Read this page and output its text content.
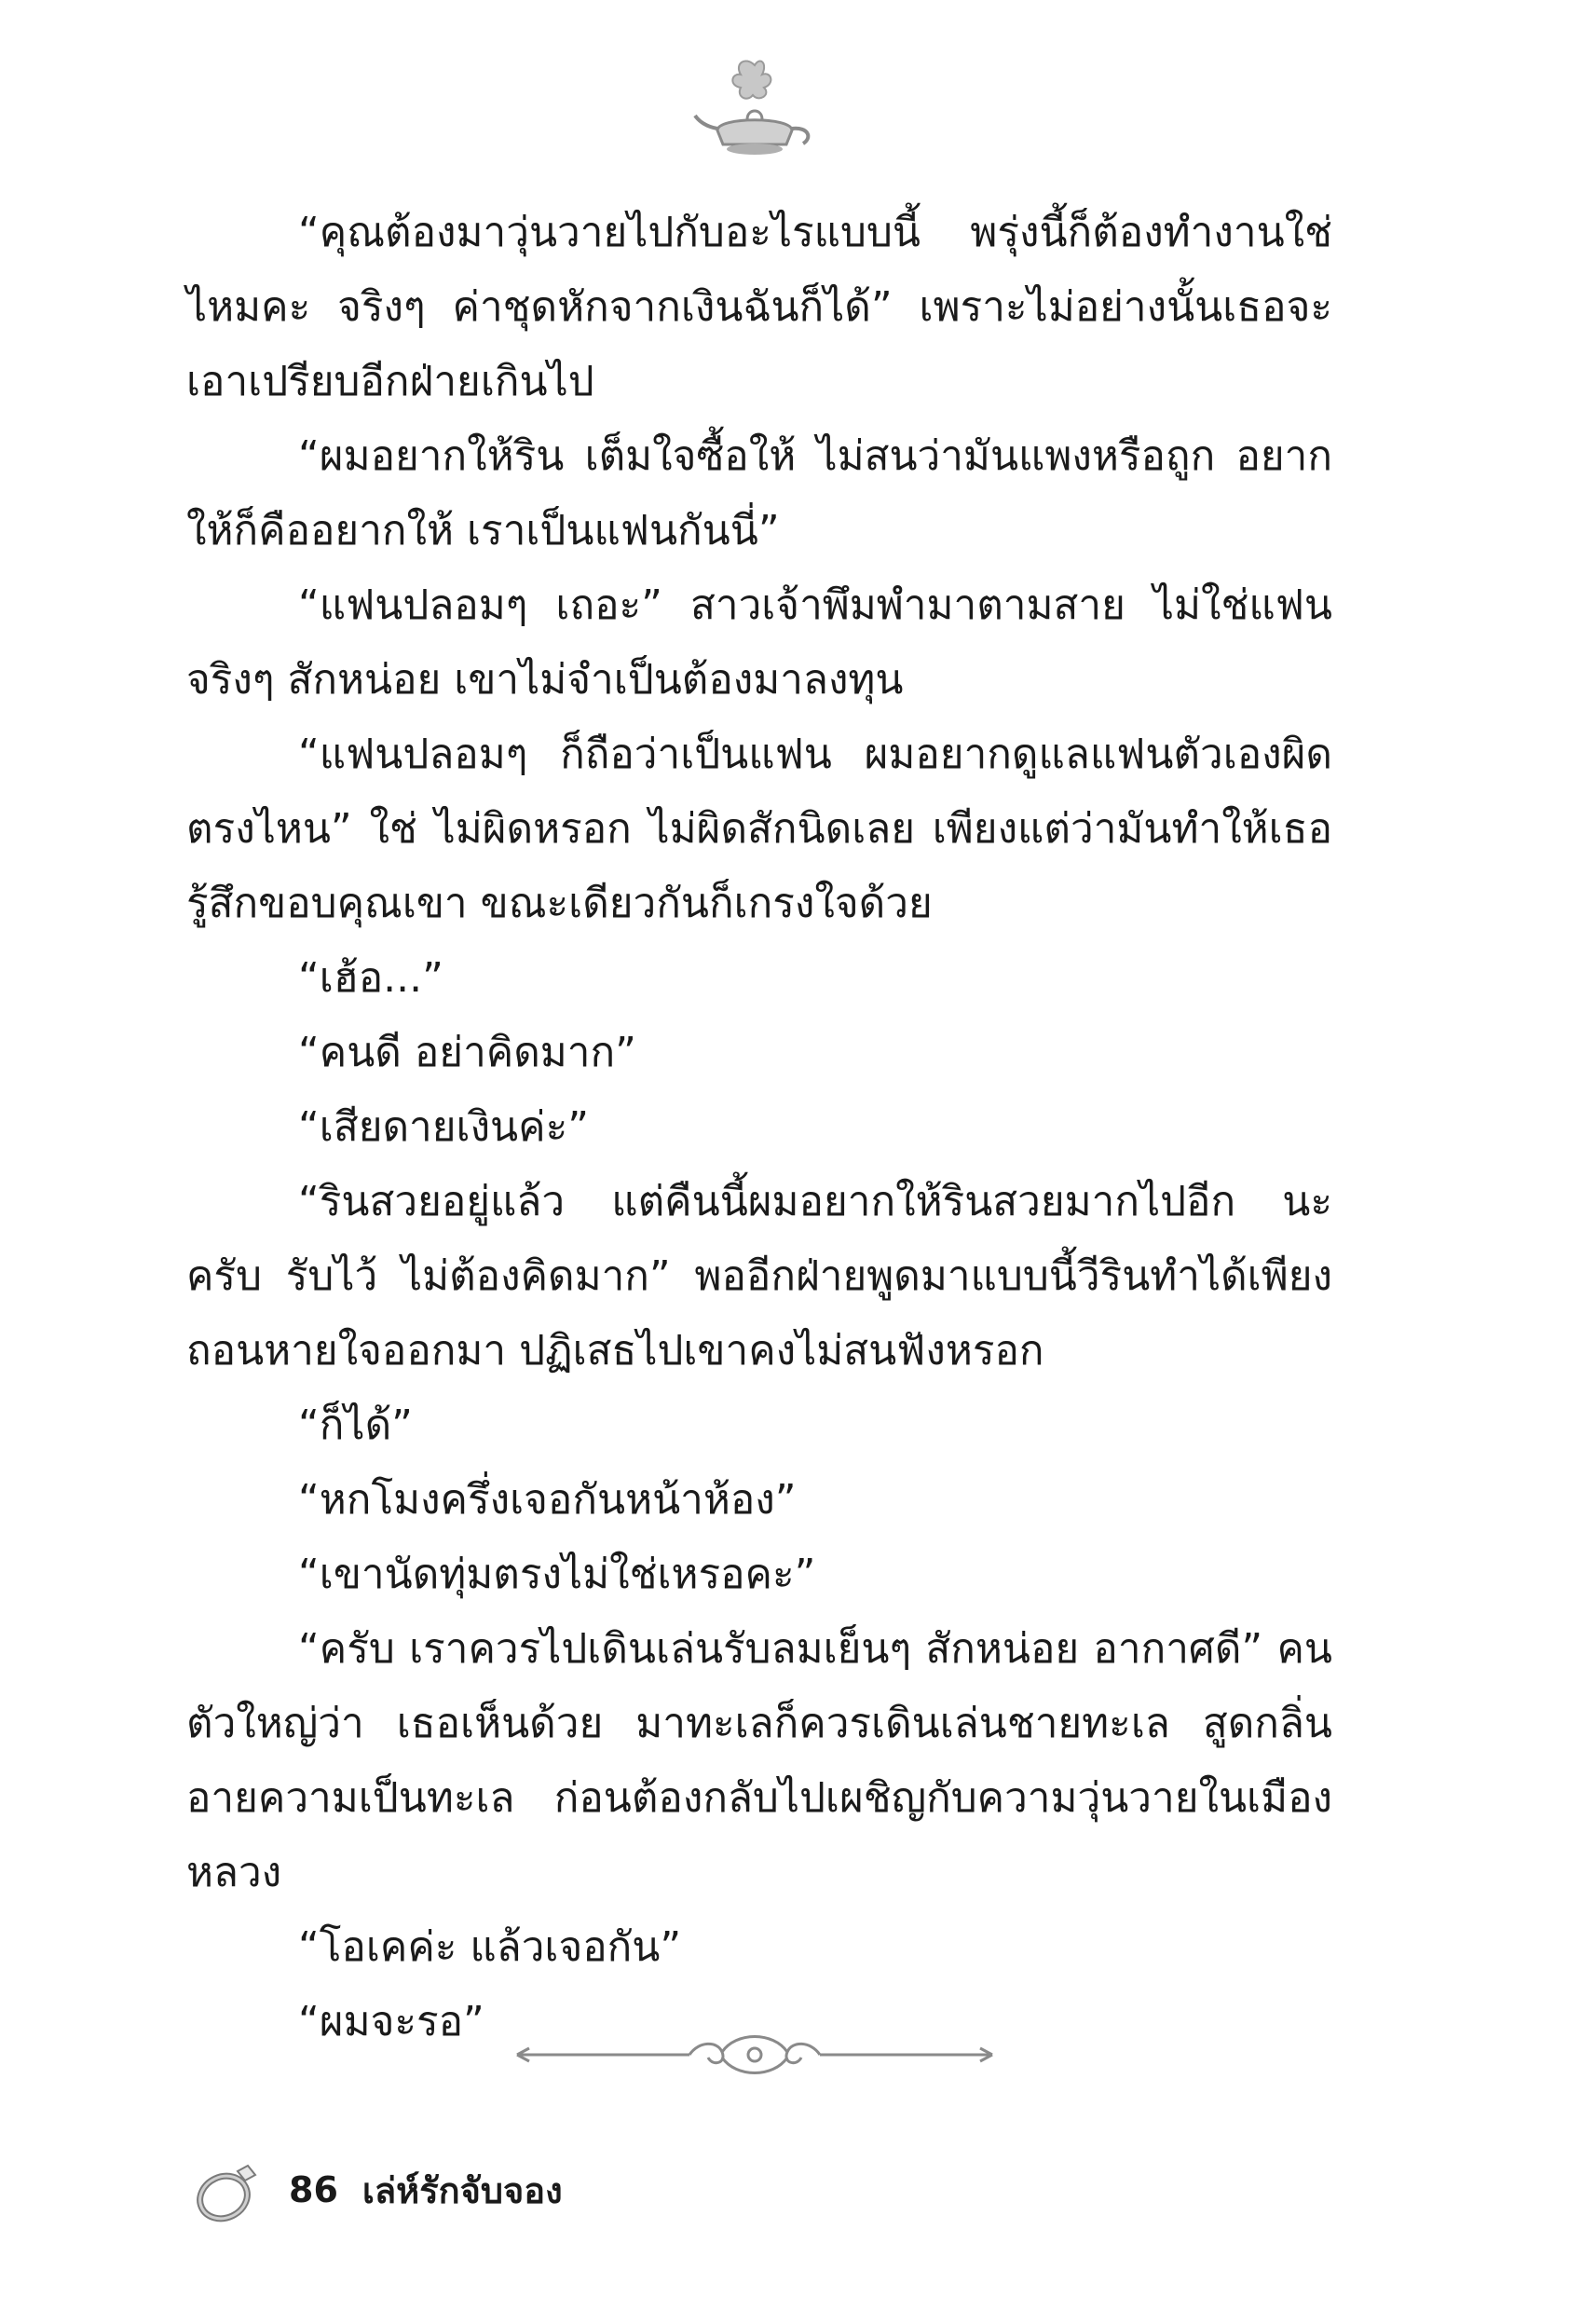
“คุณต้องมาวุ่นวายไปกับอะไรแบบนี้ พรุ่งนี้ก็ต้องทำงานใช่ไหมคะ จริงๆ ค่าชุดหักจากเงินฉันก็ได้” เพราะไม่อย่างนั้นเธอจะเอาเปรียบอีกฝ่ายเกินไป

“ผมอยากให้ริน เต็มใจซื้อให้ ไม่สนว่ามันแพงหรือถูก อยากให้ก็คืออยากให้ เราเป็นแฟนกันนี่”

“แฟนปลอมๆ เถอะ” สาวเจ้าพึมพำมาตามสาย ไม่ใช่แฟนจริงๆ สักหน่อย เขาไม่จำเป็นต้องมาลงทุน

“แฟนปลอมๆ ก็ถือว่าเป็นแฟน ผมอยากดูแลแฟนตัวเองผิดตรงไหน” ใช่ ไม่ผิดหรอก ไม่ผิดสักนิดเลย เพียงแต่ว่ามันทำให้เธอรู้สึกขอบคุณเขา ขณะเดียวกันก็เกรงใจด้วย

“เฮ้อ...”

“คนดี อย่าคิดมาก”

“เสียดายเงินค่ะ”

“รินสวยอยู่แล้ว แต่คืนนี้ผมอยากให้รินสวยมากไปอีก นะครับ รับไว้ ไม่ต้องคิดมาก” พออีกฝ่ายพูดมาแบบนี้วีรินทำได้เพียงถอนหายใจออกมา ปฏิเสธไปเขาคงไม่สนฟังหรอก

“ก็ได้”

“หกโมงครึ่งเจอกันหน้าห้อง”

“เขานัดทุ่มตรงไม่ใช่เหรอคะ”

“ครับ เราควรไปเดินเล่นรับลมเย็นๆ สักหน่อย อากาศดี” คนตัวใหญ่ว่า เธอเห็นด้วย มาทะเลก็ควรเดินเล่นชายทะเล สูดกลิ่นอายความเป็นทะเล ก่อนต้องกลับไปเผชิญกับความวุ่นวายในเมืองหลวง

“โอเคค่ะ แล้วเจอกัน”

“ผมจะรอ”

86 เล่ห์รักจับจอง
